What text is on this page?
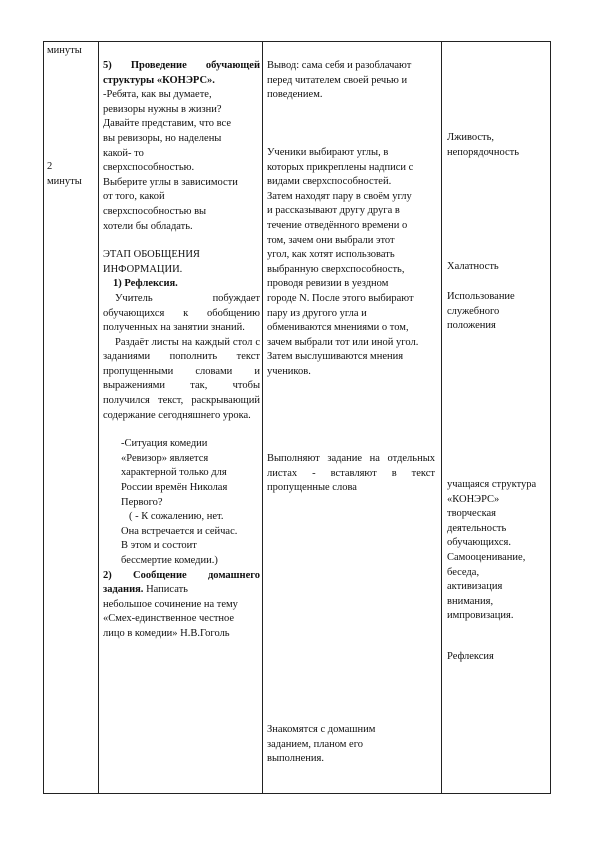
минуты

2

минуты

5) Проведение обучающей структуры «КОНЭРС».

-Ребята, как вы думаете,

ревизоры нужны в жизни?

Давайте представим, что все

вы ревизоры, но наделены

какой- то

сверхспособностью.

Выберите углы в зависимости

от того, какой

сверхспособностью вы

хотели бы обладать.

ЭТАП ОБОБЩЕНИЯ ИНФОРМАЦИИ.

1) Рефлексия.

Учитель побуждает обучающихся к обобщению полученных на занятии знаний.

Раздаёт листы на каждый стол с заданиями пополнить текст пропущенными словами и выражениями так, чтобы получился текст, раскрывающий содержание сегодняшнего урока.

-Ситуация комедии

«Ревизор» является

характерной только для

России времён Николая

Первого?

( - К сожалению, нет.

Она встречается и сейчас.

В этом и состоит

бессмертие комедии.)

2) Сообщение домашнего задания. Написать

небольшое сочинение на тему

«Смех-единственное честное

лицо в комедии» Н.В.Гоголь

Вывод: сама себя и разоблачают

перед читателем своей речью и

поведением.

Ученики выбирают углы, в

которых прикреплены надписи с

видами сверхспособностей.

Затем находят пару в своём углу

и рассказывают другу друга в

течение отведённого времени о

том, зачем они выбрали этот

угол, как хотят использовать

выбранную сверхспособность,

проводя ревизии в уездном

городе N. После этого выбирают

пару из другого угла и

обмениваются мнениями о том,

зачем выбрали тот или иной угол.

Затем выслушиваются мнения

учеников.

Выполняют задание на отдельных листах - вставляют в текст пропущенные слова

Знакомятся с домашним

заданием, планом его

выполнения.

Лживость,

непорядочность

Халатность

Использование

служебного

положения

учащаяся структура

«КОНЭРС»

творческая

деятельность

обучающихся.

Самооценивание,

беседа,

активизация

внимания,

импровизация.

Рефлексия
